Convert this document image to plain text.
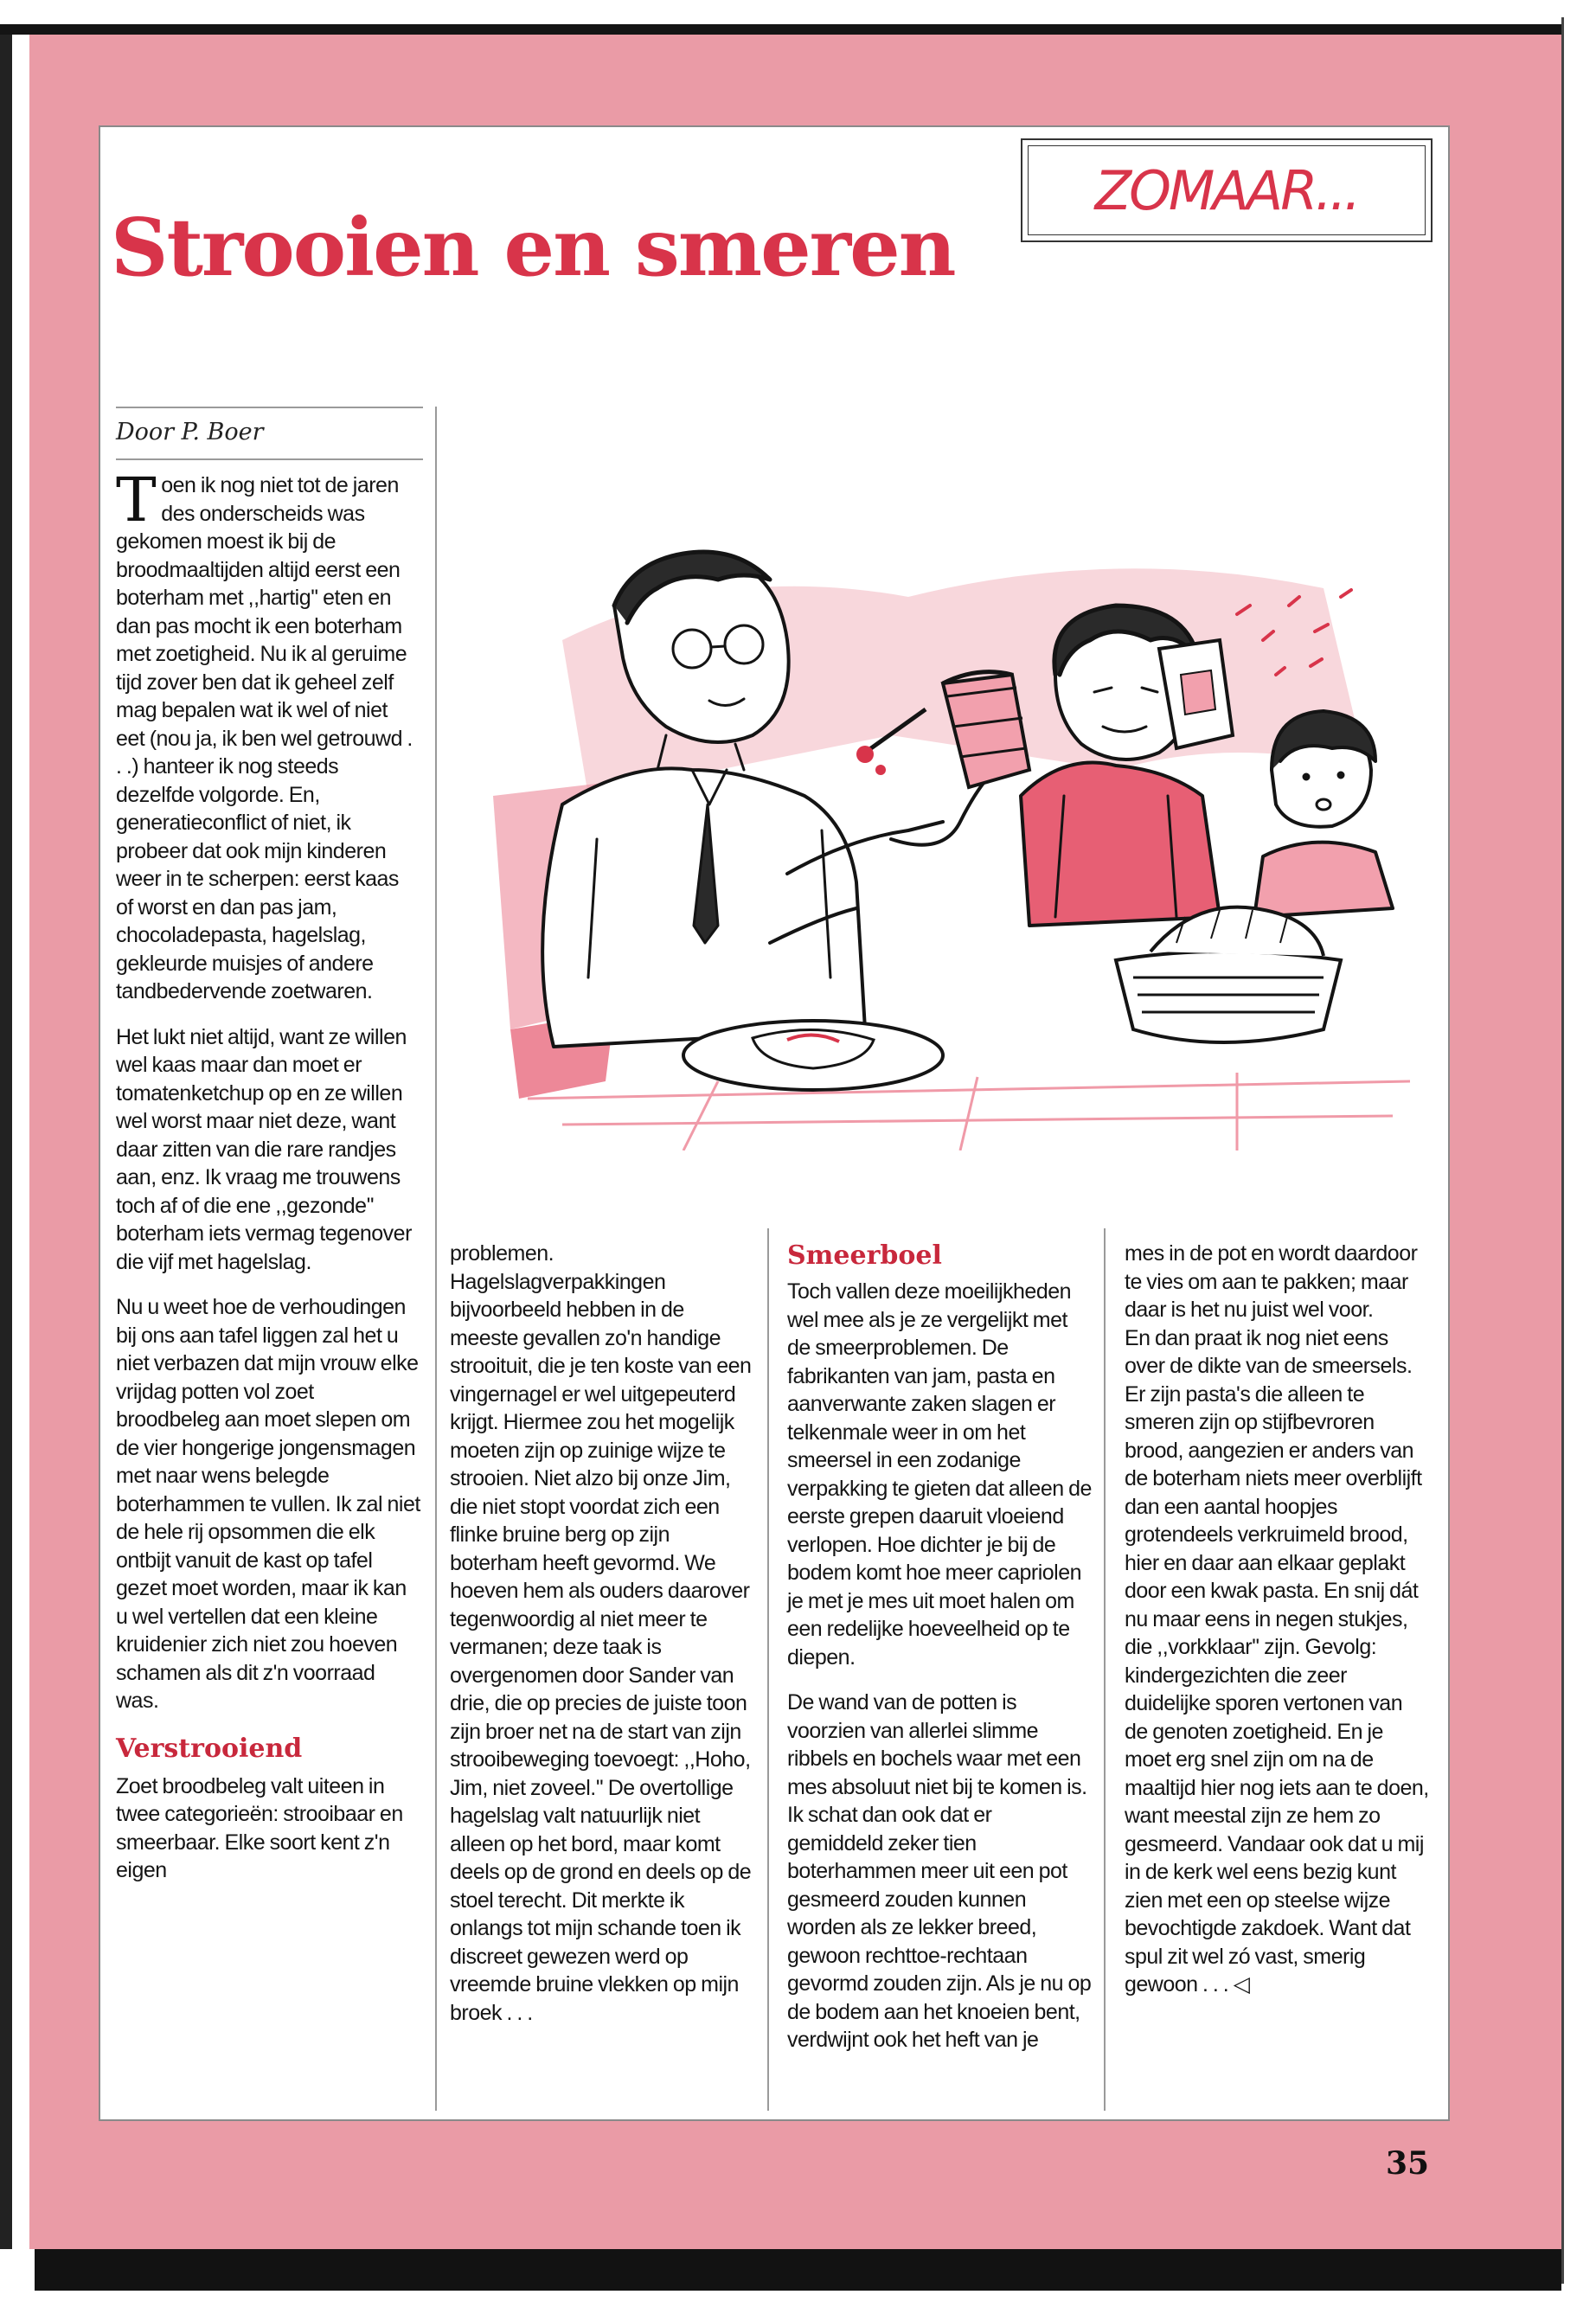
Strooien en smeren
ZOMAAR...

Door P. Boer

Toen ik nog niet tot de jaren des onderscheids was gekomen moest ik bij de broodmaaltijden altijd eerst een boterham met ,,hartig'' eten en dan pas mocht ik een boterham met zoetigheid. Nu ik al geruime tijd zover ben dat ik geheel zelf mag bepalen wat ik wel of niet eet (nou ja, ik ben wel getrouwd . . .) hanteer ik nog steeds dezelfde volgorde. En, generatieconflict of niet, ik probeer dat ook mijn kinderen weer in te scherpen: eerst kaas of worst en dan pas jam, chocoladepasta, hagelslag, gekleurde muisjes of andere tandbedervende zoetwaren.

Het lukt niet altijd, want ze willen wel kaas maar dan moet er tomatenketchup op en ze willen wel worst maar niet deze, want daar zitten van die rare randjes aan, enz. Ik vraag me trouwens toch af of die ene ,,gezonde'' boterham iets vermag tegenover die vijf met hagelslag.

Nu u weet hoe de verhoudingen bij ons aan tafel liggen zal het u niet verbazen dat mijn vrouw elke vrijdag potten vol zoet broodbeleg aan moet slepen om de vier hongerige jongensmagen met naar wens belegde boterhammen te vullen. Ik zal niet de hele rij opsommen die elk ontbijt vanuit de kast op tafel gezet moet worden, maar ik kan u wel vertellen dat een kleine kruidenier zich niet zou hoeven schamen als dit z'n voorraad was.

Verstrooiend

Zoet broodbeleg valt uiteen in twee categorieën: strooibaar en smeerbaar. Elke soort kent z'n eigen

problemen. Hagelslagverpakkingen bijvoorbeeld hebben in de meeste gevallen zo'n handige strooituit, die je ten koste van een vingernagel er wel uitgepeuterd krijgt. Hiermee zou het mogelijk moeten zijn op zuinige wijze te strooien. Niet alzo bij onze Jim, die niet stopt voordat zich een flinke bruine berg op zijn boterham heeft gevormd. We hoeven hem als ouders daarover tegenwoordig al niet meer te vermanen; deze taak is overgenomen door Sander van drie, die op precies de juiste toon zijn broer net na de start van zijn strooibeweging toevoegt: ,,Hoho, Jim, niet zoveel.'' De overtollige hagelslag valt natuurlijk niet alleen op het bord, maar komt deels op de grond en deels op de stoel terecht. Dit merkte ik onlangs tot mijn schande toen ik discreet gewezen werd op vreemde bruine vlekken op mijn broek . . .

Smeerboel

Toch vallen deze moeilijkheden wel mee als je ze vergelijkt met de smeerproblemen. De fabrikanten van jam, pasta en aanverwante zaken slagen er telkenmale weer in om het smeersel in een zodanige verpakking te gieten dat alleen de eerste grepen daaruit vloeiend verlopen. Hoe dichter je bij de bodem komt hoe meer capriolen je met je mes uit moet halen om een redelijke hoeveelheid op te diepen.

De wand van de potten is voorzien van allerlei slimme ribbels en bochels waar met een mes absoluut niet bij te komen is. Ik schat dan ook dat er gemiddeld zeker tien boterhammen meer uit een pot gesmeerd zouden kunnen worden als ze lekker breed, gewoon rechttoe-rechtaan gevormd zouden zijn. Als je nu op de bodem aan het knoeien bent, verdwijnt ook het heft van je

mes in de pot en wordt daardoor te vies om aan te pakken; maar daar is het nu juist wel voor.

En dan praat ik nog niet eens over de dikte van de smeersels. Er zijn pasta's die alleen te smeren zijn op stijfbevroren brood, aangezien er anders van de boterham niets meer overblijft dan een aantal hoopjes grotendeels verkruimeld brood, hier en daar aan elkaar geplakt door een kwak pasta. En snij dát nu maar eens in negen stukjes, die ,,vorkklaar'' zijn. Gevolg: kindergezichten die zeer duidelijke sporen vertonen van de genoten zoetigheid. En je moet erg snel zijn om na de maaltijd hier nog iets aan te doen, want meestal zijn ze hem zo gesmeerd. Vandaar ook dat u mij in de kerk wel eens bezig kunt zien met een op steelse wijze bevochtigde zakdoek. Want dat spul zit wel zó vast, smerig gewoon . . . ◁

35
